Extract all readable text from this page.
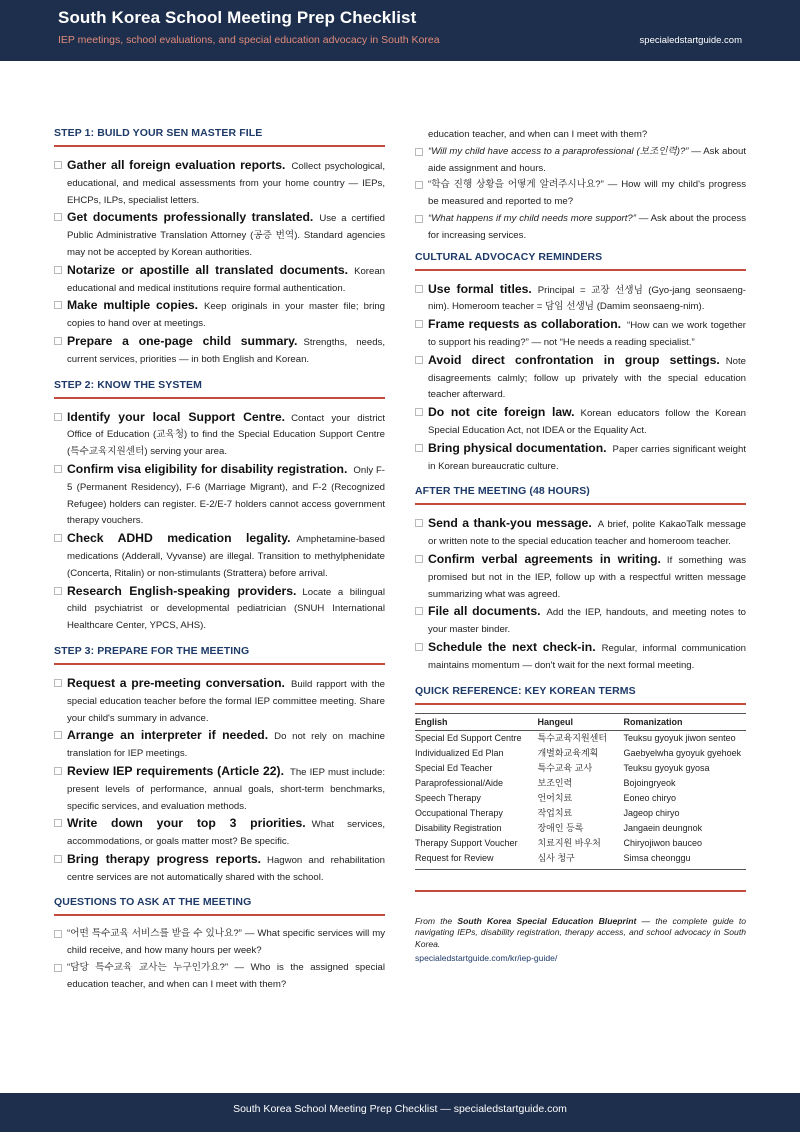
South Korea School Meeting Prep Checklist
IEP meetings, school evaluations, and special education advocacy in South Korea	specialedstartguide.com
STEP 1: BUILD YOUR SEN MASTER FILE
Gather all foreign evaluation reports. Collect psychological, educational, and medical assessments from your home country — IEPs, EHCPs, ILPs, specialist letters.
Get documents professionally translated. Use a certified Public Administrative Translation Attorney (공증 번역). Standard agencies may not be accepted by Korean authorities.
Notarize or apostille all translated documents. Korean educational and medical institutions require formal authentication.
Make multiple copies. Keep originals in your master file; bring copies to hand over at meetings.
Prepare a one-page child summary. Strengths, needs, current services, priorities — in both English and Korean.
STEP 2: KNOW THE SYSTEM
Identify your local Support Centre. Contact your district Office of Education (교육청) to find the Special Education Support Centre (특수교육지원센터) serving your area.
Confirm visa eligibility for disability registration. Only F-5 (Permanent Residency), F-6 (Marriage Migrant), and F-2 (Recognized Refugee) holders can register. E-2/E-7 holders cannot access government therapy vouchers.
Check ADHD medication legality. Amphetamine-based medications (Adderall, Vyvanse) are illegal. Transition to methylphenidate (Concerta, Ritalin) or non-stimulants (Strattera) before arrival.
Research English-speaking providers. Locate a bilingual child psychiatrist or developmental pediatrician (SNUH International Healthcare Center, YPCS, AHS).
STEP 3: PREPARE FOR THE MEETING
Request a pre-meeting conversation. Build rapport with the special education teacher before the formal IEP committee meeting. Share your child's summary in advance.
Arrange an interpreter if needed. Do not rely on machine translation for IEP meetings.
Review IEP requirements (Article 22). The IEP must include: present levels of performance, annual goals, short-term benchmarks, specific services, and evaluation methods.
Write down your top 3 priorities. What services, accommodations, or goals matter most? Be specific.
Bring therapy progress reports. Hagwon and rehabilitation centre services are not automatically shared with the school.
QUESTIONS TO ASK AT THE MEETING
“어떤 특수교육 서비스를 받을 수 있나요?” — What specific services will my child receive, and how many hours per week?
“담당 특수교육 교사는 누구인가요?” — Who is the assigned special education teacher, and when can I meet with them?
education teacher, and when can I meet with them?
“Will my child have access to a paraprofessional (보조인력)?” — Ask about aide assignment and hours.
“학습 진행 상황을 어떻게 알려주시나요?” — How will my child's progress be measured and reported to me?
“What happens if my child needs more support?” — Ask about the process for increasing services.
CULTURAL ADVOCACY REMINDERS
Use formal titles. Principal = 교장 선생님 (Gyo-jang seonsaeng-nim). Homeroom teacher = 담임 선생님 (Damim seonsaeng-nim).
Frame requests as collaboration. “How can we work together to support his reading?” — not “He needs a reading specialist.”
Avoid direct confrontation in group settings. Note disagreements calmly; follow up privately with the special education teacher afterward.
Do not cite foreign law. Korean educators follow the Korean Special Education Act, not IDEA or the Equality Act.
Bring physical documentation. Paper carries significant weight in Korean bureaucratic culture.
AFTER THE MEETING (48 HOURS)
Send a thank-you message. A brief, polite KakaoTalk message or written note to the special education teacher and homeroom teacher.
Confirm verbal agreements in writing. If something was promised but not in the IEP, follow up with a respectful written message summarizing what was agreed.
File all documents. Add the IEP, handouts, and meeting notes to your master binder.
Schedule the next check-in. Regular, informal communication maintains momentum — don't wait for the next formal meeting.
QUICK REFERENCE: KEY KOREAN TERMS
English	Hangeul	Romanization
Special Ed Support Centre	특수교육지원센터	Teuksu gyoyuk jiwon senteo
Individualized Ed Plan	개별화교육계획	Gaebyelwha gyoyuk gyehoek
Special Ed Teacher	특수교육 교사	Teuksu gyoyuk gyosa
Paraprofessional/Aide	보조인력	Bojoingryeok
Speech Therapy	언어치료	Eoneo chiryo
Occupational Therapy	작업치료	Jageop chiryo
Disability Registration	장애인 등록	Jangaein deungnok
Therapy Support Voucher	치료지원 바우처	Chiryojiwon bauceo
Request for Review	심사 청구	Simsa cheonggu
From the South Korea Special Education Blueprint — the complete guide to navigating IEPs, disability registration, therapy access, and school advocacy in South Korea.
specialedstartguide.com/kr/iep-guide/
South Korea School Meeting Prep Checklist — specialedstartguide.com
